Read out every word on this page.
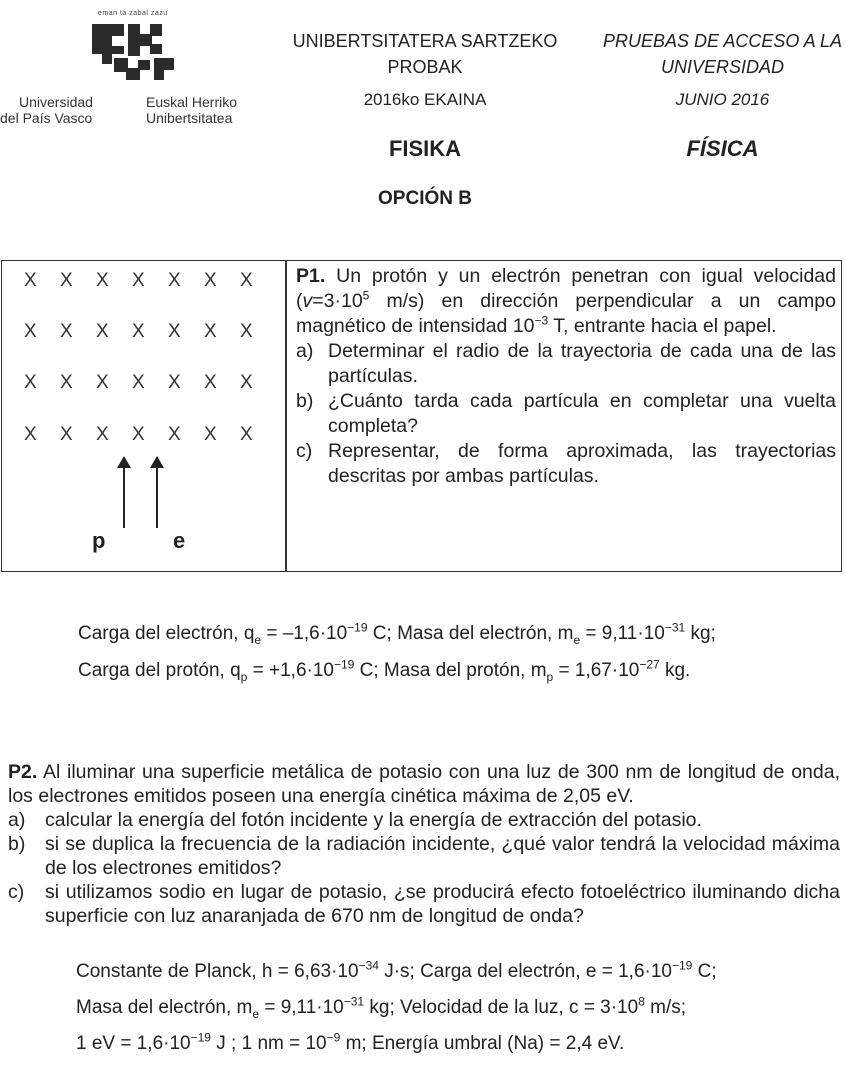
eman ta zabal zazu
Universidad
del País Vasco
Euskal Herriko
Unibertsitatea
UNIBERTSITATERA SARTZEKO
PROBAK
PRUEBAS DE ACCESO A LA
UNIVERSIDAD
2016ko EKAINA	JUNIO 2016
FISIKA	FÍSICA
OPCIÓN B
X X X X X X X
X X X X X X X
X X X X X X X
X X X X X X X
p	e
P1. Un protón y un electrón penetran con igual velocidad ($v=3\cdot 10^5$ m/s) en dirección perpendicular a un campo magnético de intensidad $10^{-3}$ T, entrante hacia el papel.
a) Determinar el radio de la trayectoria de cada una de las partículas.
b) ¿Cuánto tarda cada partícula en completar una vuelta completa?
c) Representar, de forma aproximada, las trayectorias descritas por ambas partículas.
Carga del electrón, $q_e = -1,6\cdot 10^{-19}$ C; Masa del electrón, $m_e = 9,11\cdot 10^{-31}$ kg;
Carga del protón, $q_p = +1,6\cdot 10^{-19}$ C; Masa del protón, $m_p = 1,67\cdot 10^{-27}$ kg.
P2. Al iluminar una superficie metálica de potasio con una luz de 300 nm de longitud de onda, los electrones emitidos poseen una energía cinética máxima de 2,05 eV.
a)	calcular la energía del fotón incidente y la energía de extracción del potasio.
b)	si se duplica la frecuencia de la radiación incidente, ¿qué valor tendrá la velocidad máxima de los electrones emitidos?
c)	si utilizamos sodio en lugar de potasio, ¿se producirá efecto fotoeléctrico iluminando dicha superficie con luz anaranjada de 670 nm de longitud de onda?
Constante de Planck, $h = 6,63\cdot 10^{-34}$ J·s; Carga del electrón, $e = 1,6\cdot 10^{-19}$ C;
Masa del electrón, $m_e = 9,11\cdot 10^{-31}$ kg; Velocidad de la luz, $c = 3\cdot 10^8$ m/s;
1 eV = $1,6\cdot 10^{-19}$ J ; 1 nm = $10^{-9}$ m; Energía umbral (Na) = 2,4 eV.
